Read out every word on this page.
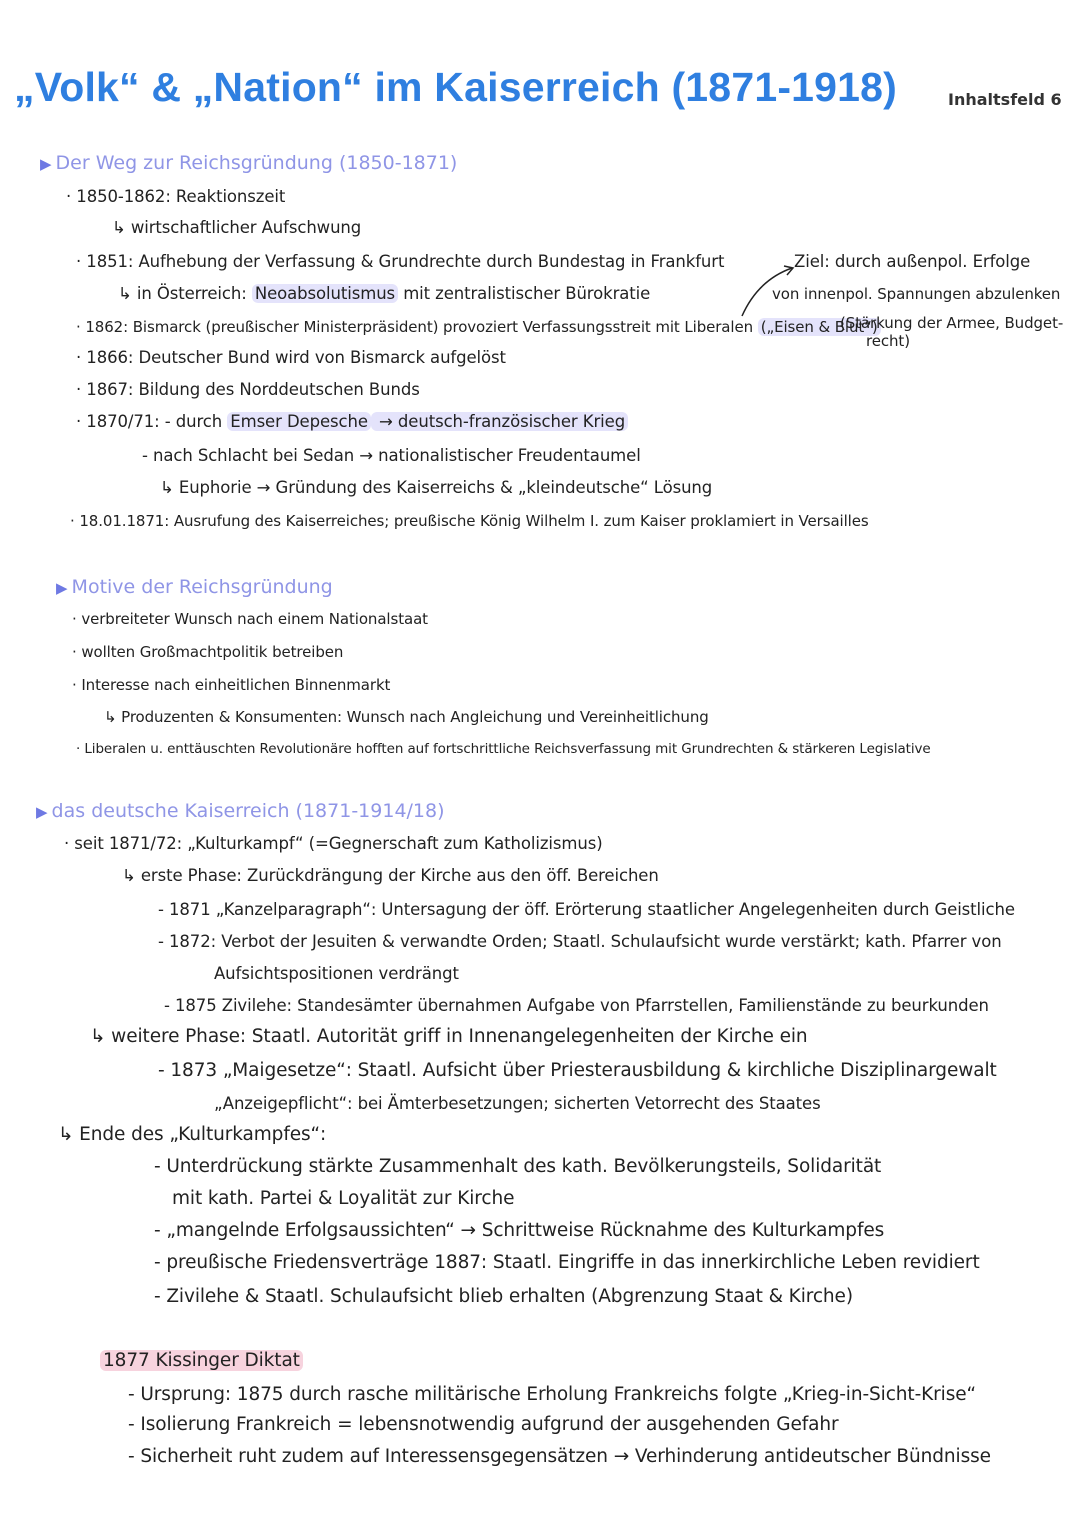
„Volk“ & „Nation“ im Kaiserreich (1871-1918)	Inhaltsfeld 6
▶ Der Weg zur Reichsgründung (1850-1871)
· 1850-1862: Reaktionszeit
↳ wirtschaftlicher Aufschwung
· 1851: Aufhebung der Verfassung & Grundrechte durch Bundestag in Frankfurt
↳ in Österreich: Neoabsolutismus mit zentralistischer Bürokratie
· 1862: Bismarck (preußischer Ministerpräsident) provoziert Verfassungsstreit mit Liberalen („Eisen & Blut“)
· 1866: Deutscher Bund wird von Bismarck aufgelöst
· 1867: Bildung des Norddeutschen Bunds
· 1870/71: - durch Emser Depesche → deutsch-französischer Krieg
- nach Schlacht bei Sedan → nationalistischer Freudentaumel
↳ Euphorie → Gründung des Kaiserreichs & „kleindeutsche“ Lösung
· 18.01.1871: Ausrufung des Kaiserreiches; preußische König Wilhelm I. zum Kaiser proklamiert in Versailles
Ziel: durch außenpol. Erfolge
von innenpol. Spannungen abzulenken
(Stärkung der Armee, Budget-
recht)
▶ Motive der Reichsgründung
· verbreiteter Wunsch nach einem Nationalstaat
· wollten Großmachtpolitik betreiben
· Interesse nach einheitlichen Binnenmarkt
↳ Produzenten & Konsumenten: Wunsch nach Angleichung und Vereinheitlichung
· Liberalen u. enttäuschten Revolutionäre hofften auf fortschrittliche Reichsverfassung mit Grundrechten & stärkeren Legislative
▶ das deutsche Kaiserreich (1871-1914/18)
· seit 1871/72: „Kulturkampf“ (=Gegnerschaft zum Katholizismus)
↳ erste Phase: Zurückdrängung der Kirche aus den öff. Bereichen
- 1871 „Kanzelparagraph“: Untersagung der öff. Erörterung staatlicher Angelegenheiten durch Geistliche
- 1872: Verbot der Jesuiten & verwandte Orden; Staatl. Schulaufsicht wurde verstärkt; kath. Pfarrer von
Aufsichtspositionen verdrängt
- 1875 Zivilehe: Standesämter übernahmen Aufgabe von Pfarrstellen, Familienstände zu beurkunden
↳ weitere Phase: Staatl. Autorität griff in Innenangelegenheiten der Kirche ein
- 1873 „Maigesetze“: Staatl. Aufsicht über Priesterausbildung & kirchliche Disziplinargewalt
„Anzeigepflicht“: bei Ämterbesetzungen; sicherten Vetorrecht des Staates
↳ Ende des „Kulturkampfes“:
- Unterdrückung stärkte Zusammenhalt des kath. Bevölkerungsteils, Solidarität
mit kath. Partei & Loyalität zur Kirche
- „mangelnde Erfolgsaussichten“ → Schrittweise Rücknahme des Kulturkampfes
- preußische Friedensverträge 1887: Staatl. Eingriffe in das innerkirchliche Leben revidiert
- Zivilehe & Staatl. Schulaufsicht blieb erhalten (Abgrenzung Staat & Kirche)
1877 Kissinger Diktat
- Ursprung: 1875 durch rasche militärische Erholung Frankreichs folgte „Krieg-in-Sicht-Krise“
- Isolierung Frankreich = lebensnotwendig aufgrund der ausgehenden Gefahr
- Sicherheit ruht zudem auf Interessensgegensätzen → Verhinderung antideutscher Bündnisse
